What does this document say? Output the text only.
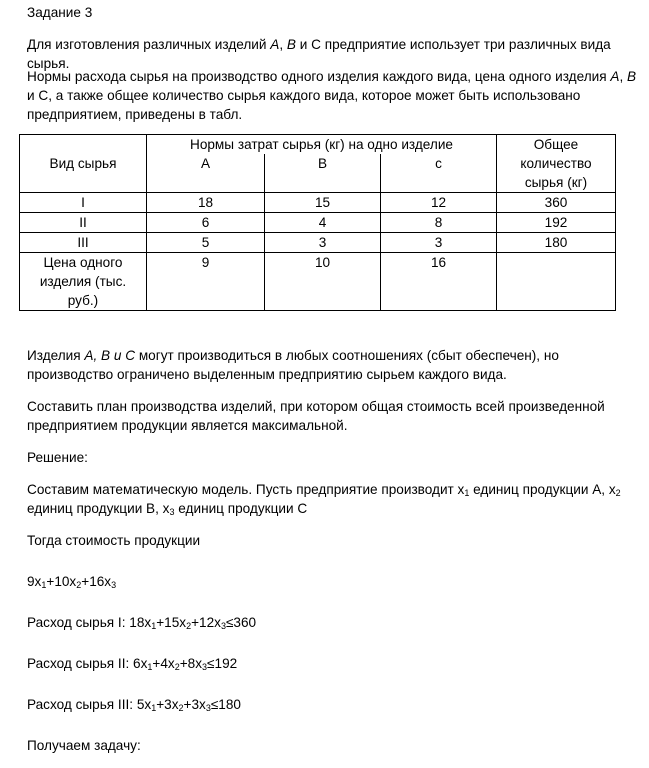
Задание 3

Для изготовления различных изделий А, В и С предприятие использует три различных вида сырья.

Нормы расхода сырья на производство одного изделия каждого вида, цена одного изделия А, В и С, а также общее количество сырья каждого вида, которое может быть использовано предприятием, приведены в табл.

Вид сырья	Нормы затрат сырья (кг) на одно изделие			Общее количество сырья (кг)
	А	В	с	
I	18	15	12	360
II	6	4	8	192
III	5	3	3	180
Цена одного изделия (тыс. руб.)	9	10	16	

Изделия А, В и С могут производиться в любых соотношениях (сбыт обеспечен), но производство ограничено выделенным предприятию сырьем каждого вида.

Составить план производства изделий, при котором общая стоимость всей произведенной предприятием продукции является максимальной.

Решение:

Составим математическую модель. Пусть предприятие производит $x_1$ единиц продукции А, $x_2$ единиц продукции В, $x_3$ единиц продукции С

Тогда стоимость продукции

$9x_1+10x_2+16x_3$

Расход сырья I: $18x_1+15x_2+12x_3\le 360$

Расход сырья II: $6x_1+4x_2+8x_3\le 192$

Расход сырья III: $5x_1+3x_2+3x_3\le 180$

Получаем задачу:
